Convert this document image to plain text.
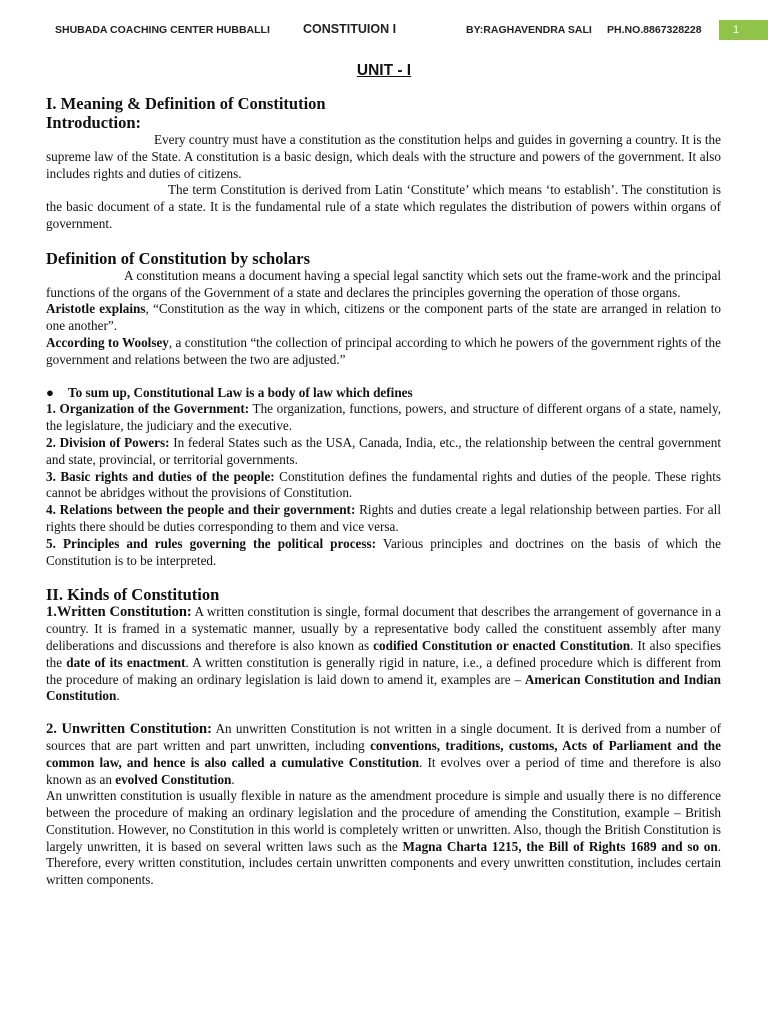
SHUBADA COACHING CENTER HUBBALLI	CONSTITUION I	BY:RAGHAVENDRA SALI PH.NO.8867328228	1
UNIT - I

I. Meaning & Definition of Constitution

Introduction:

Every country must have a constitution as the constitution helps and guides in governing a country. It is the supreme law of the State. A constitution is a basic design, which deals with the structure and powers of the government. It also includes rights and duties of citizens.

The term Constitution is derived from Latin ‘Constitute’ which means ‘to establish’. The constitution is the basic document of a state. It is the fundamental rule of a state which regulates the distribution of powers within organs of government.

Definition of Constitution by scholars

A constitution means a document having a special legal sanctity which sets out the frame-work and the principal functions of the organs of the Government of a state and declares the principles governing the operation of those organs.

Aristotle explains, “Constitution as the way in which, citizens or the component parts of the state are arranged in relation to one another”.

According to Woolsey, a constitution “the collection of principal according to which he powers of the government rights of the government and relations between the two are adjusted.”

● To sum up, Constitutional Law is a body of law which defines

1. Organization of the Government: The organization, functions, powers, and structure of different organs of a state, namely, the legislature, the judiciary and the executive.

2. Division of Powers: In federal States such as the USA, Canada, India, etc., the relationship between the central government and state, provincial, or territorial governments.

3. Basic rights and duties of the people: Constitution defines the fundamental rights and duties of the people. These rights cannot be abridges without the provisions of Constitution.

4. Relations between the people and their government: Rights and duties create a legal relationship between parties. For all rights there should be duties corresponding to them and vice versa.

5. Principles and rules governing the political process: Various principles and doctrines on the basis of which the Constitution is to be interpreted.

II. Kinds of Constitution

1.Written Constitution: A written constitution is single, formal document that describes the arrangement of governance in a country. It is framed in a systematic manner, usually by a representative body called the constituent assembly after many deliberations and discussions and therefore is also known as codified Constitution or enacted Constitution. It also specifies the date of its enactment. A written constitution is generally rigid in nature, i.e., a defined procedure which is different from the procedure of making an ordinary legislation is laid down to amend it, examples are – American Constitution and Indian Constitution.

2. Unwritten Constitution: An unwritten Constitution is not written in a single document. It is derived from a number of sources that are part written and part unwritten, including conventions, traditions, customs, Acts of Parliament and the common law, and hence is also called a cumulative Constitution. It evolves over a period of time and therefore is also known as an evolved Constitution.

An unwritten constitution is usually flexible in nature as the amendment procedure is simple and usually there is no difference between the procedure of making an ordinary legislation and the procedure of amending the Constitution, example – British Constitution. However, no Constitution in this world is completely written or unwritten. Also, though the British Constitution is largely unwritten, it is based on several written laws such as the Magna Charta 1215, the Bill of Rights 1689 and so on. Therefore, every written constitution, includes certain unwritten components and every unwritten constitution, includes certain written components.
